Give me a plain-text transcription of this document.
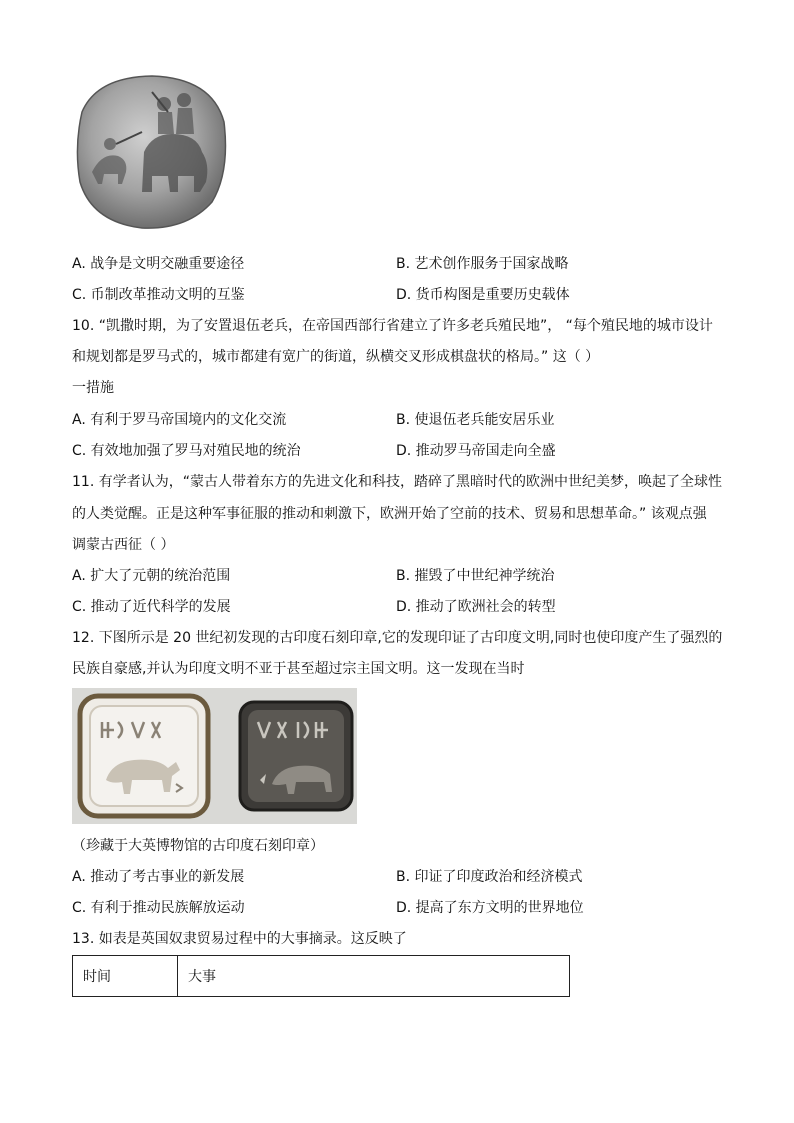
A. 战争是文明交融重要途径	B. 艺术创作服务于国家战略
C. 币制改革推动文明的互鉴	D. 货币构图是重要历史载体
10. “凯撒时期，为了安置退伍老兵，在帝国西部行省建立了许多老兵殖民地”， “每个殖民地的城市设计
和规划都是罗马式的，城市都建有宽广的街道，纵横交叉形成棋盘状的格局。” 这（ ）
一措施
A. 有利于罗马帝国境内的文化交流	B. 使退伍老兵能安居乐业
C. 有效地加强了罗马对殖民地的统治	D. 推动罗马帝国走向全盛
11. 有学者认为，“蒙古人带着东方的先进文化和科技，踏碎了黑暗时代的欧洲中世纪美梦，唤起了全球性
的人类觉醒。正是这种军事征服的推动和刺激下，欧洲开始了空前的技术、贸易和思想革命。” 该观点强
调蒙古西征（ ）
A. 扩大了元朝的统治范围	B. 摧毁了中世纪神学统治
C. 推动了近代科学的发展	D. 推动了欧洲社会的转型
12. 下图所示是 20 世纪初发现的古印度石刻印章,它的发现印证了古印度文明,同时也使印度产生了强烈的
民族自豪感,并认为印度文明不亚于甚至超过宗主国文明。这一发现在当时
（珍藏于大英博物馆的古印度石刻印章）
A. 推动了考古事业的新发展	B. 印证了印度政治和经济模式
C. 有利于推动民族解放运动	D. 提高了东方文明的世界地位
13. 如表是英国奴隶贸易过程中的大事摘录。这反映了
时间	大事
